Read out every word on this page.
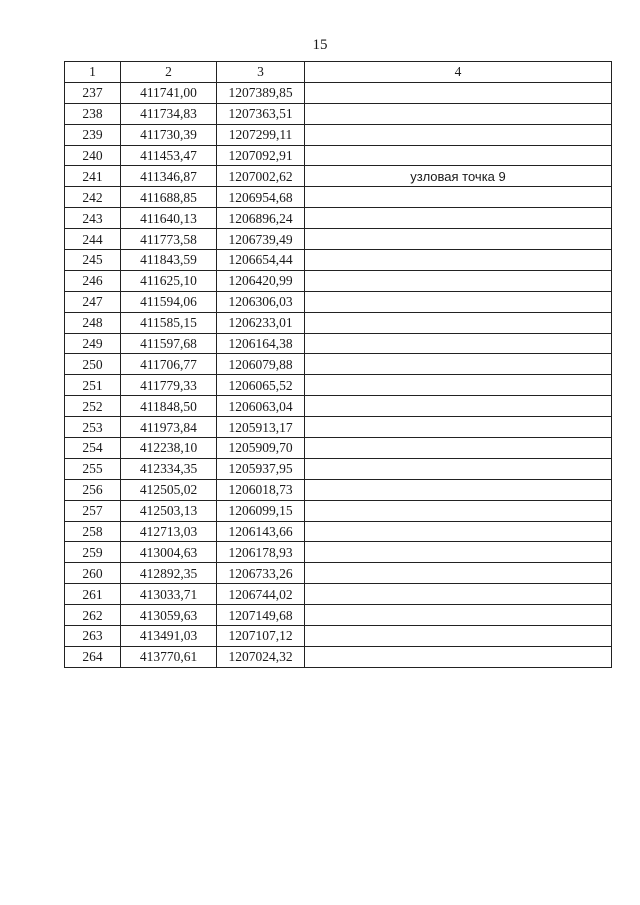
15
1	2	3	4
237	411741,00	1207389,85	
238	411734,83	1207363,51	
239	411730,39	1207299,11	
240	411453,47	1207092,91	
241	411346,87	1207002,62	узловая точка 9
242	411688,85	1206954,68	
243	411640,13	1206896,24	
244	411773,58	1206739,49	
245	411843,59	1206654,44	
246	411625,10	1206420,99	
247	411594,06	1206306,03	
248	411585,15	1206233,01	
249	411597,68	1206164,38	
250	411706,77	1206079,88	
251	411779,33	1206065,52	
252	411848,50	1206063,04	
253	411973,84	1205913,17	
254	412238,10	1205909,70	
255	412334,35	1205937,95	
256	412505,02	1206018,73	
257	412503,13	1206099,15	
258	412713,03	1206143,66	
259	413004,63	1206178,93	
260	412892,35	1206733,26	
261	413033,71	1206744,02	
262	413059,63	1207149,68	
263	413491,03	1207107,12	
264	413770,61	1207024,32	
